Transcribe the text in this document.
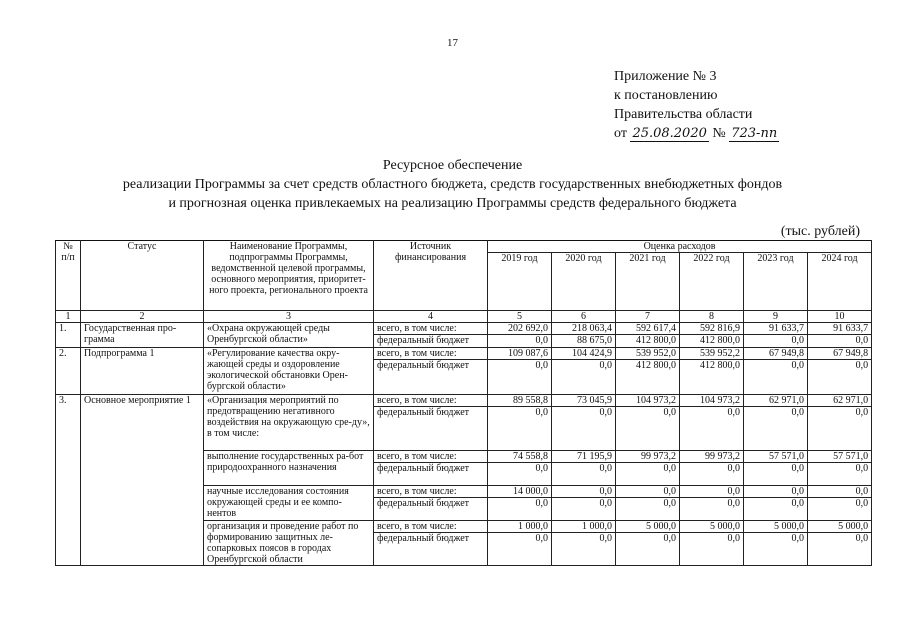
17
Приложение № 3
к постановлению
Правительства области
от 25.08.2020 № 723-пп
Ресурсное обеспечение
реализации Программы за счет средств областного бюджета, средств государственных внебюджетных фондов
и прогнозная оценка привлекаемых на реализацию Программы средств федерального бюджета
(тыс. рублей)
№ п/п	Статус	Наименование Программы, подпрограммы Программы, ведомственной целевой программы, основного мероприятия, приоритет-ного проекта, регионального проекта	Источник финансирования	Оценка расходов					
				2019 год	2020 год	2021 год	2022 год	2023 год	2024 год
1	2	3	4	5	6	7	8	9	10
1.	Государственная про-грамма	«Охрана окружающей среды Оренбургской области»	всего, в том числе:	202 692,0	218 063,4	592 617,4	592 816,9	91 633,7	91 633,7
			федеральный бюджет	0,0	88 675,0	412 800,0	412 800,0	0,0	0,0
2.	Подпрограмма 1	«Регулирование качества окру-жающей среды и оздоровление экологической обстановки Орен-бургской области»	всего, в том числе:	109 087,6	104 424,9	539 952,0	539 952,2	67 949,8	67 949,8
			федеральный бюджет	0,0	0,0	412 800,0	412 800,0	0,0	0,0
3.	Основное мероприятие 1	«Организация мероприятий по предотвращению негативного воздействия на окружающую сре-ду», в том числе:	всего, в том числе:	89 558,8	73 045,9	104 973,2	104 973,2	62 971,0	62 971,0
			федеральный бюджет	0,0	0,0	0,0	0,0	0,0	0,0
		выполнение государственных ра-бот природоохранного назначения	всего, в том числе:	74 558,8	71 195,9	99 973,2	99 973,2	57 571,0	57 571,0
			федеральный бюджет	0,0	0,0	0,0	0,0	0,0	0,0
		научные исследования состояния окружающей среды и ее компо-нентов	всего, в том числе:	14 000,0	0,0	0,0	0,0	0,0	0,0
			федеральный бюджет	0,0	0,0	0,0	0,0	0,0	0,0
		организация и проведение работ по формированию защитных ле-сопарковых поясов в городах Оренбургской области	всего, в том числе:	1 000,0	1 000,0	5 000,0	5 000,0	5 000,0	5 000,0
			федеральный бюджет	0,0	0,0	0,0	0,0	0,0	0,0
